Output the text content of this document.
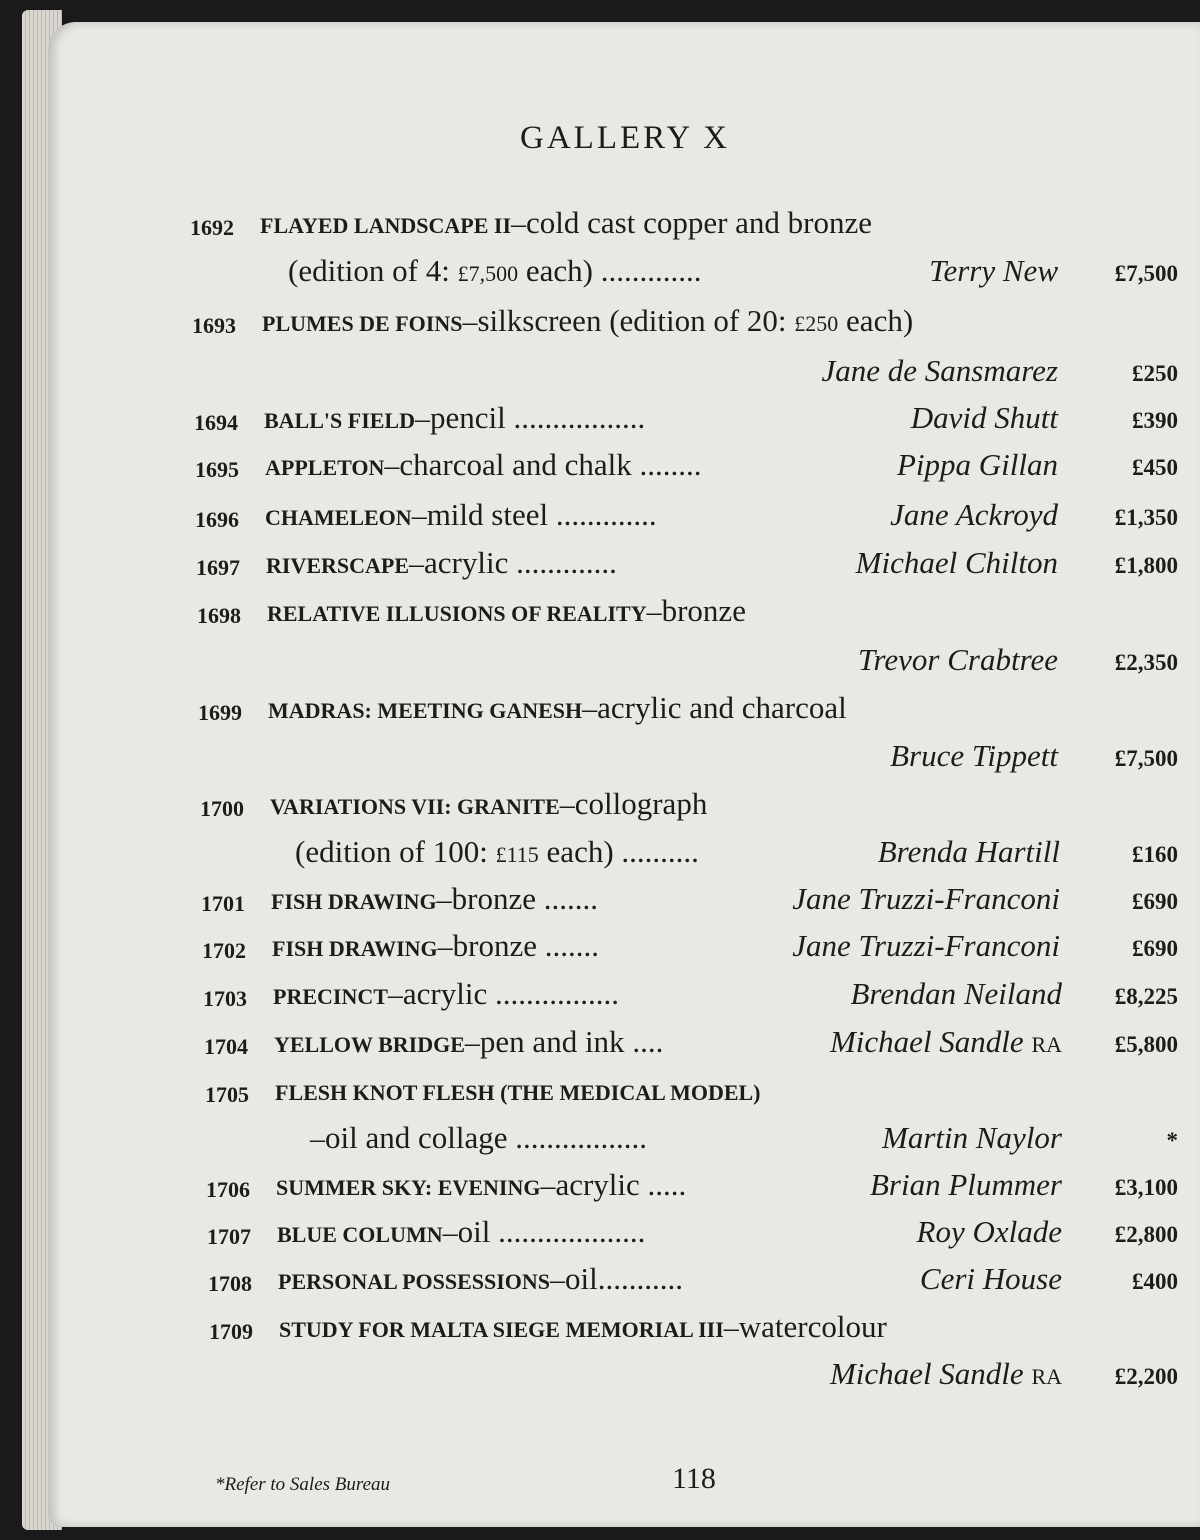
GALLERY X
1692 FLAYED LANDSCAPE II–cold cast copper and bronze
(edition of 4: £7,500 each) .............	Terry New £7,500
1693 PLUMES DE FOINS–silkscreen (edition of 20: £250 each)
Jane de Sansmarez	£250
1694 BALL'S FIELD–pencil .................	David Shutt	£390
1695 APPLETON–charcoal and chalk ........	Pippa Gillan	£450
1696 CHAMELEON–mild steel .............	Jane Ackroyd £1,350
1697 RIVERSCAPE–acrylic .............	Michael Chilton £1,800
1698 RELATIVE ILLUSIONS OF REALITY–bronze
Trevor Crabtree £2,350
1699 MADRAS: MEETING GANESH–acrylic and charcoal
Bruce Tippett £7,500
1700 VARIATIONS VII: GRANITE–collograph
(edition of 100: £115 each) ..........	Brenda Hartill	£160
1701 FISH DRAWING–bronze .......	Jane Truzzi-Franconi	£690
1702 FISH DRAWING–bronze .......	Jane Truzzi-Franconi	£690
1703 PRECINCT–acrylic ................	Brendan Neiland £8,225
1704 YELLOW BRIDGE–pen and ink ....	Michael Sandle RA £5,800
1705 FLESH KNOT FLESH (THE MEDICAL MODEL)
–oil and collage .................	Martin Naylor	*
1706 SUMMER SKY: EVENING–acrylic .....	Brian Plummer £3,100
1707 BLUE COLUMN–oil ...................	Roy Oxlade £2,800
1708 PERSONAL POSSESSIONS–oil...........	Ceri House	£400
1709 STUDY FOR MALTA SIEGE MEMORIAL III–watercolour
Michael Sandle RA £2,200
*Refer to Sales Bureau	118
